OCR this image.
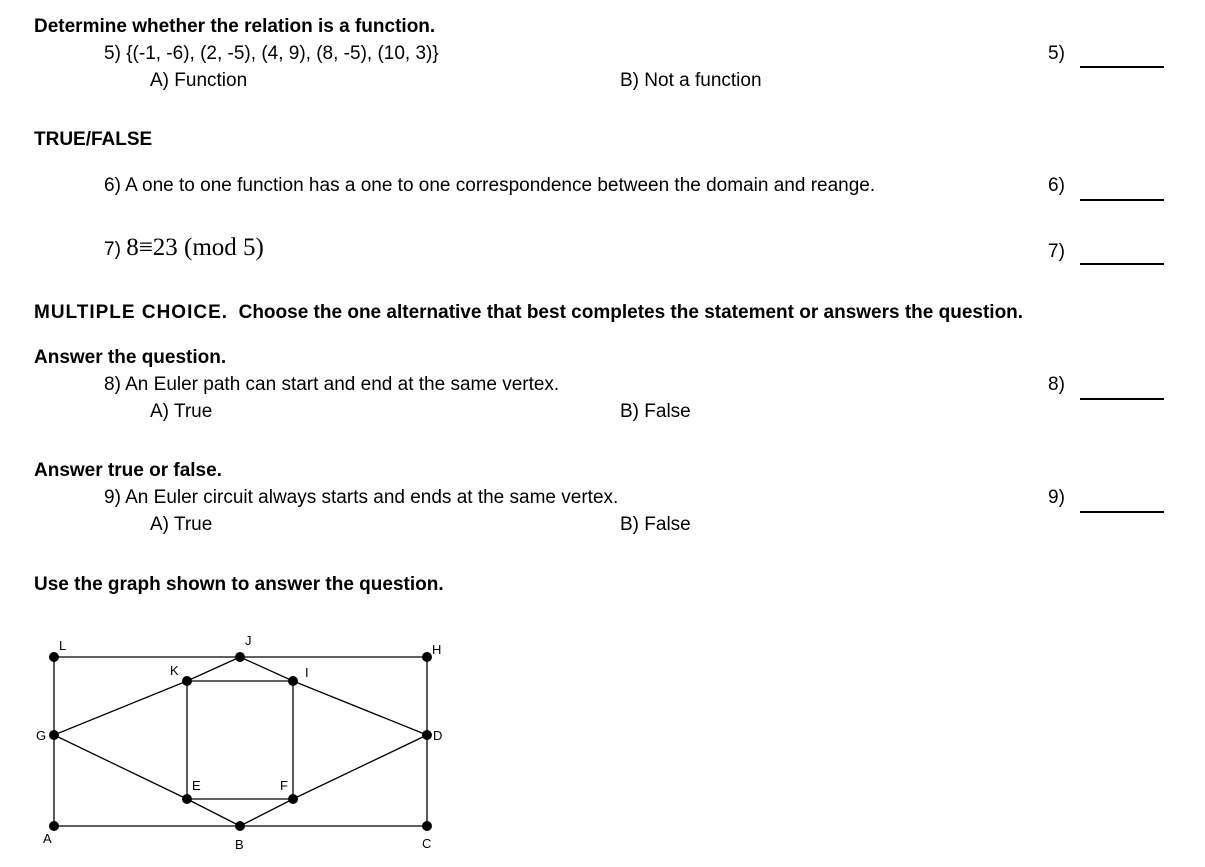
Determine whether the relation is a function.
5) {(-1, -6), (2, -5), (4, 9), (8, -5), (10, 3)}
A) Function	B) Not a function
5)
TRUE/FALSE
6) A one to one function has a one to one correspondence between the domain and reange.	6)
7) 8≡23 (mod 5)	7)
MULTIPLE CHOICE. Choose the one alternative that best completes the statement or answers the question.
Answer the question.
8) An Euler path can start and end at the same vertex.
A) True	B) False
8)
Answer true or false.
9) An Euler circuit always starts and ends at the same vertex.
A) True	B) False
9)
Use the graph shown to answer the question.
L	J
H
K	I
G	D
E	F
A	B	C
